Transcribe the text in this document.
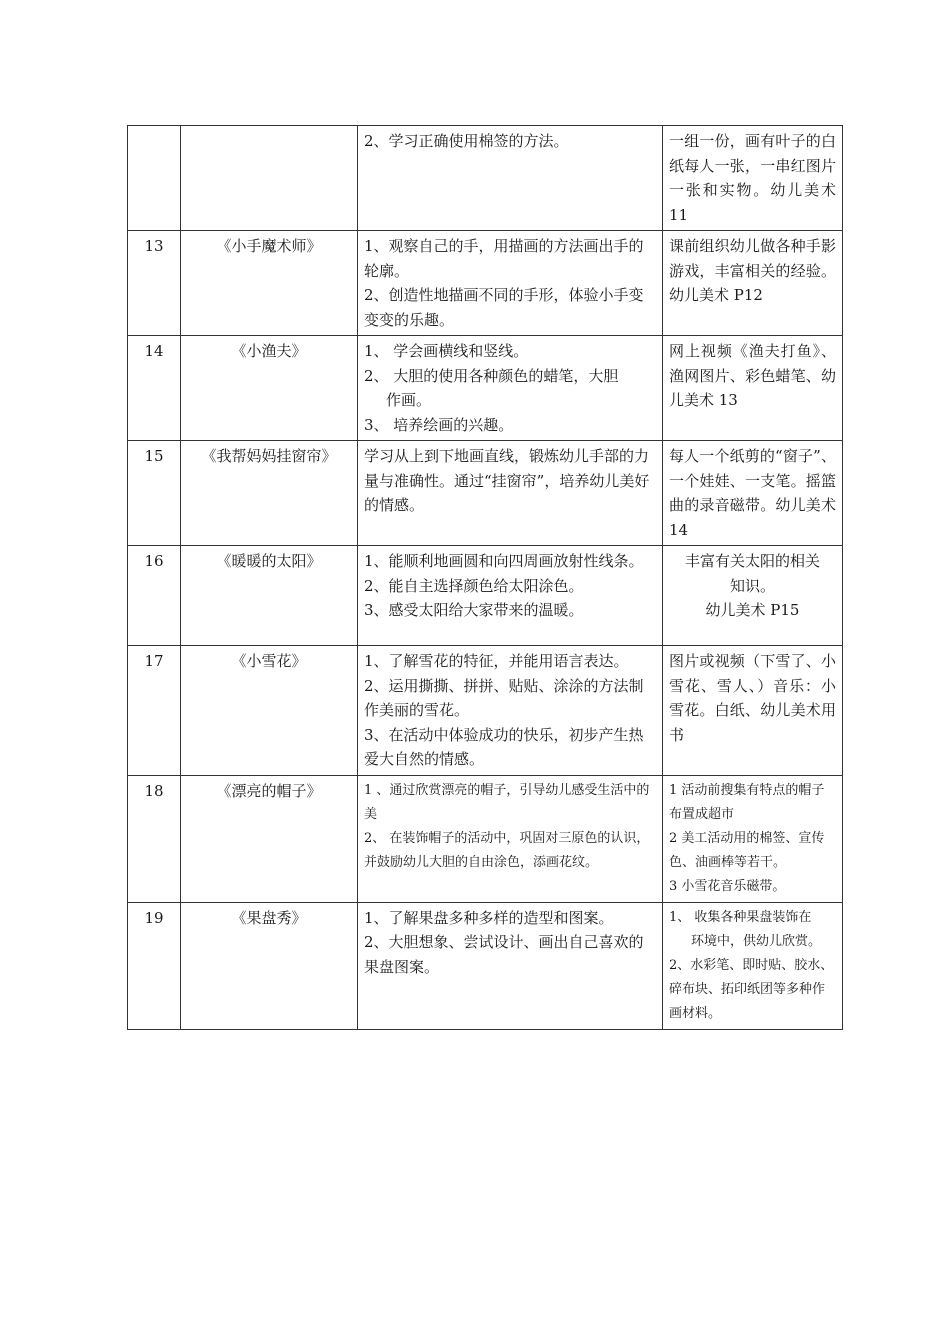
		2、学习正确使用棉签的方法。	一组一份，画有叶子的白纸每人一张，一串红图片一张和实物。幼儿美术 11

13	《小手魔术师》	1、观察自己的手，用描画的方法画出手的轮廓。
2、创造性地描画不同的手形，体验小手变变变的乐趣。	课前组织幼儿做各种手影游戏，丰富相关的经验。幼儿美术 P12

14	《小渔夫》	1、 学会画横线和竖线。
2、 大胆的使用各种颜色的蜡笔，大胆
作画。
3、 培养绘画的兴趣。	网上视频《渔夫打鱼》、渔网图片、彩色蜡笔、幼儿美术 13

15	《我帮妈妈挂窗帘》	学习从上到下地画直线，锻炼幼儿手部的力量与准确性。通过“挂窗帘”，培养幼儿美好的情感。	每人一个纸剪的“窗子”、一个娃娃、一支笔。摇篮曲的录音磁带。幼儿美术 14

16	《暖暖的太阳》	1、能顺利地画圆和向四周画放射性线条。
2、能自主选择颜色给太阳涂色。
3、感受太阳给大家带来的温暖。	丰富有关太阳的相关
知识。
幼儿美术 P15

17	《小雪花》	1、了解雪花的特征，并能用语言表达。
2、运用撕撕、拼拼、贴贴、涂涂的方法制作美丽的雪花。
3、在活动中体验成功的快乐，初步产生热爱大自然的情感。	图片或视频（下雪了、小雪花、雪人、）音乐：小雪花。白纸、幼儿美术用书

18	《漂亮的帽子》	1 、通过欣赏漂亮的帽子，引导幼儿感受生活中的美
2、 在装饰帽子的活动中，巩固对三原色的认识，并鼓励幼儿大胆的自由涂色，添画花纹。	1 活动前搜集有特点的帽子布置成超市
2 美工活动用的棉签、宣传色、油画棒等若干。
3 小雪花音乐磁带。

19	《果盘秀》	1、了解果盘多种多样的造型和图案。
2、大胆想象、尝试设计、画出自己喜欢的果盘图案。	1、 收集各种果盘装饰在
环境中，供幼儿欣赏。
2、水彩笔、即时贴、胶水、碎布块、拓印纸团等多种作画材料。
